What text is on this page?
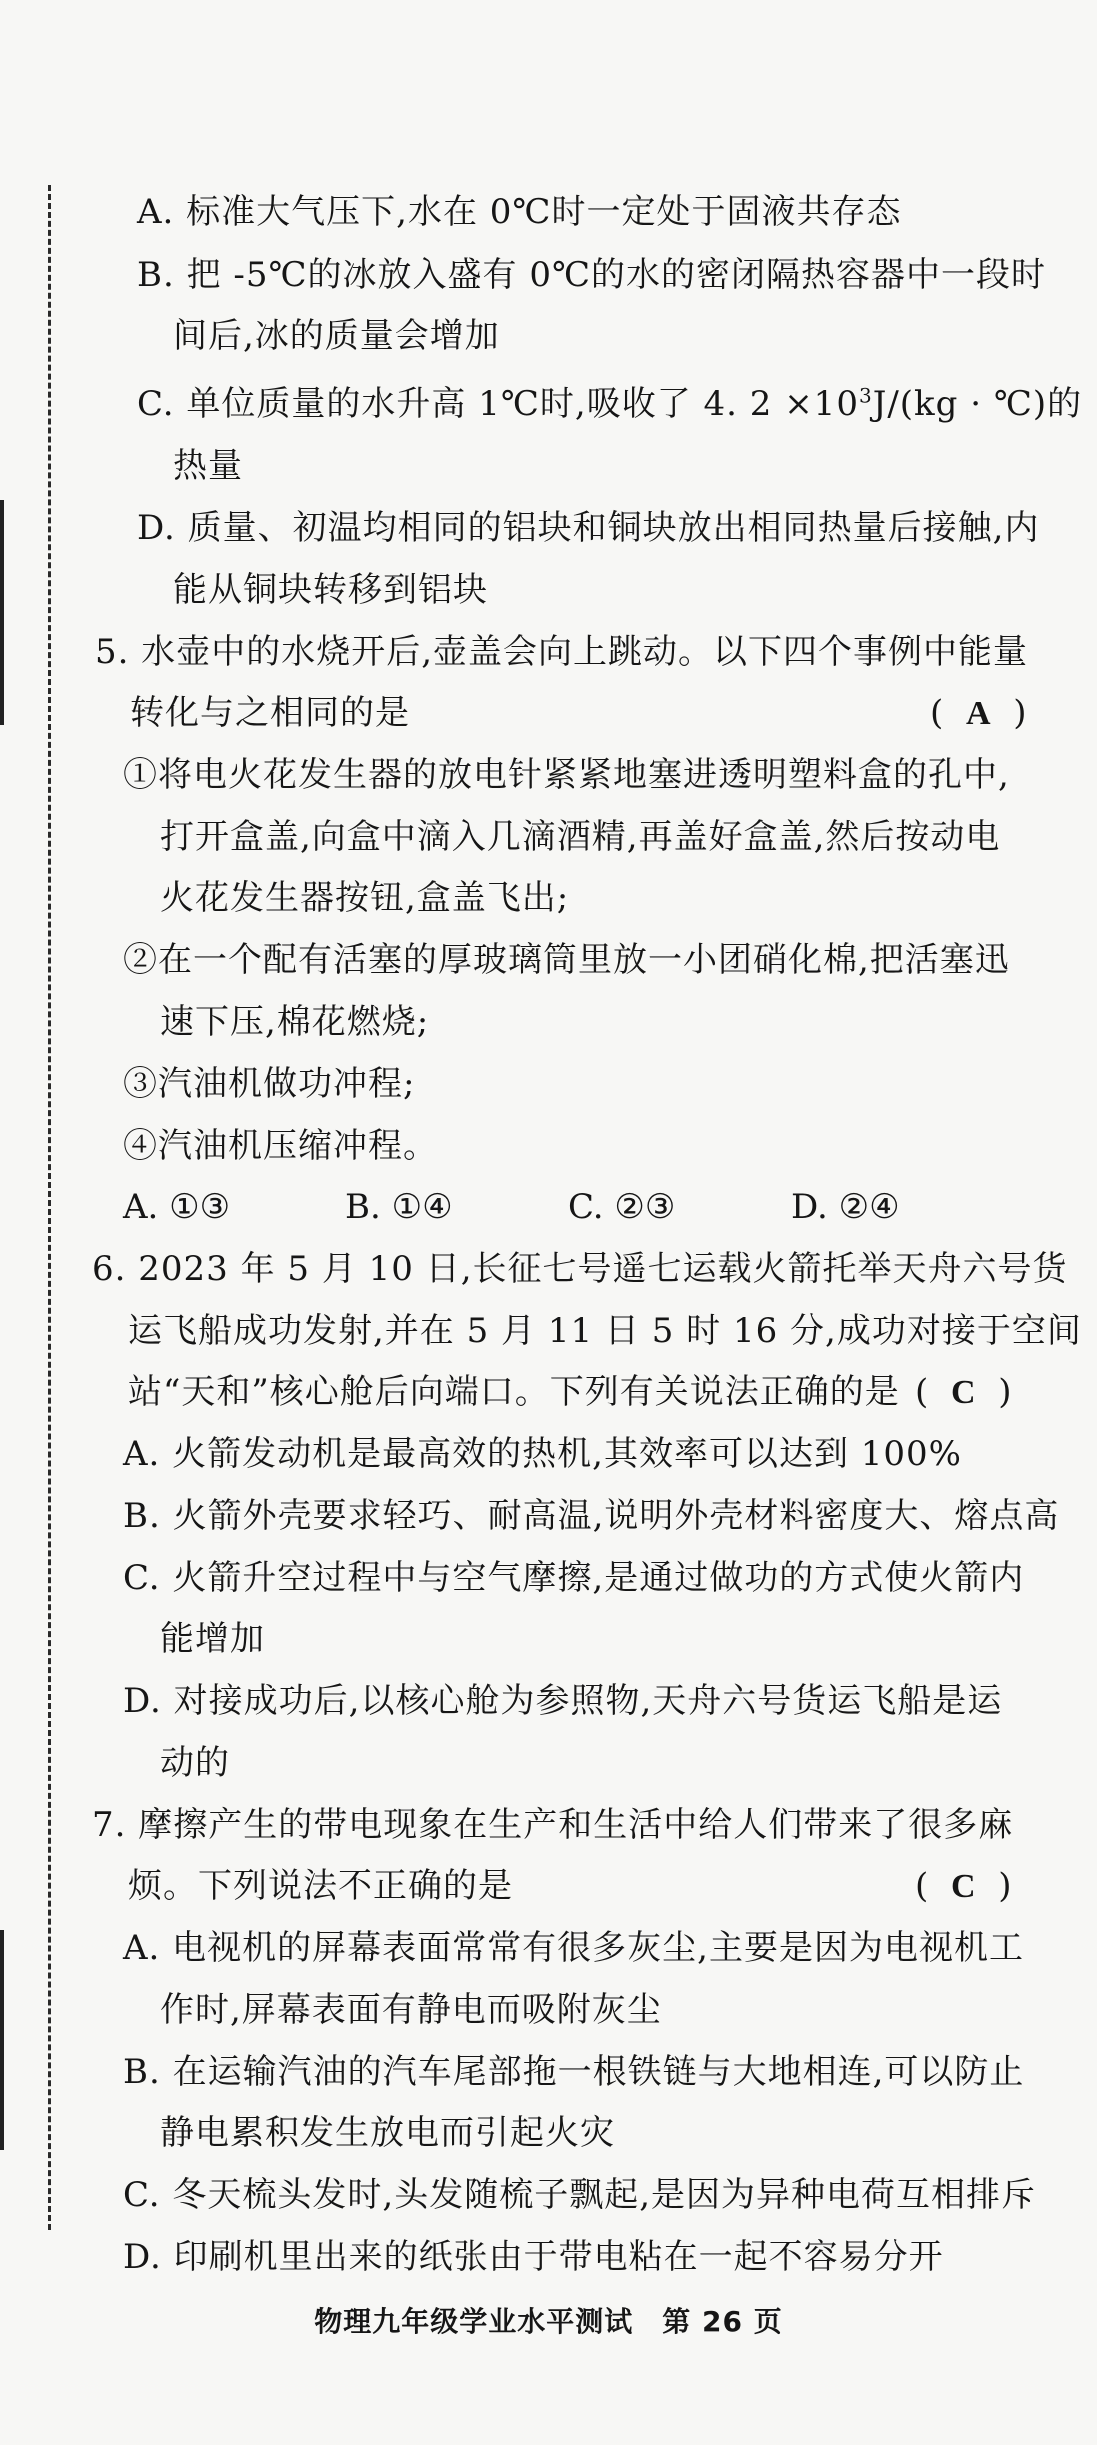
A. 标准大气压下,水在 0℃时一定处于固液共存态
B. 把 -5℃的冰放入盛有 0℃的水的密闭隔热容器中一段时
间后,冰的质量会增加
C. 单位质量的水升高 1℃时,吸收了 4. $2 \times 10^3J/(kg$ · ℃)的
热量
D. 质量、初温均相同的铝块和铜块放出相同热量后接触,内
能从铜块转移到铝块
5. 水壶中的水烧开后,壶盖会向上跳动。以下四个事例中能量
转化与之相同的是	( A )
①将电火花发生器的放电针紧紧地塞进透明塑料盒的孔中,
打开盒盖,向盒中滴入几滴酒精,再盖好盒盖,然后按动电
火花发生器按钮,盒盖飞出;
②在一个配有活塞的厚玻璃筒里放一小团硝化棉,把活塞迅
速下压,棉花燃烧;
③汽油机做功冲程;
④汽油机压缩冲程。
A. ①③	B. ①④	C. ②③	D. ②④
6. 2023 年 5 月 10 日,长征七号遥七运载火箭托举天舟六号货
运飞船成功发射,并在 5 月 11 日 5 时 16 分,成功对接于空间
站“天和”核心舱后向端口。下列有关说法正确的是 ( C )
A. 火箭发动机是最高效的热机,其效率可以达到 100%
B. 火箭外壳要求轻巧、耐高温,说明外壳材料密度大、熔点高
C. 火箭升空过程中与空气摩擦,是通过做功的方式使火箭内
能增加
D. 对接成功后,以核心舱为参照物,天舟六号货运飞船是运
动的
7. 摩擦产生的带电现象在生产和生活中给人们带来了很多麻
烦。下列说法不正确的是	( C )
A. 电视机的屏幕表面常常有很多灰尘,主要是因为电视机工
作时,屏幕表面有静电而吸附灰尘
B. 在运输汽油的汽车尾部拖一根铁链与大地相连,可以防止
静电累积发生放电而引起火灾
C. 冬天梳头发时,头发随梳子飘起,是因为异种电荷互相排斥
D. 印刷机里出来的纸张由于带电粘在一起不容易分开
物理九年级学业水平测试　第 26 页
